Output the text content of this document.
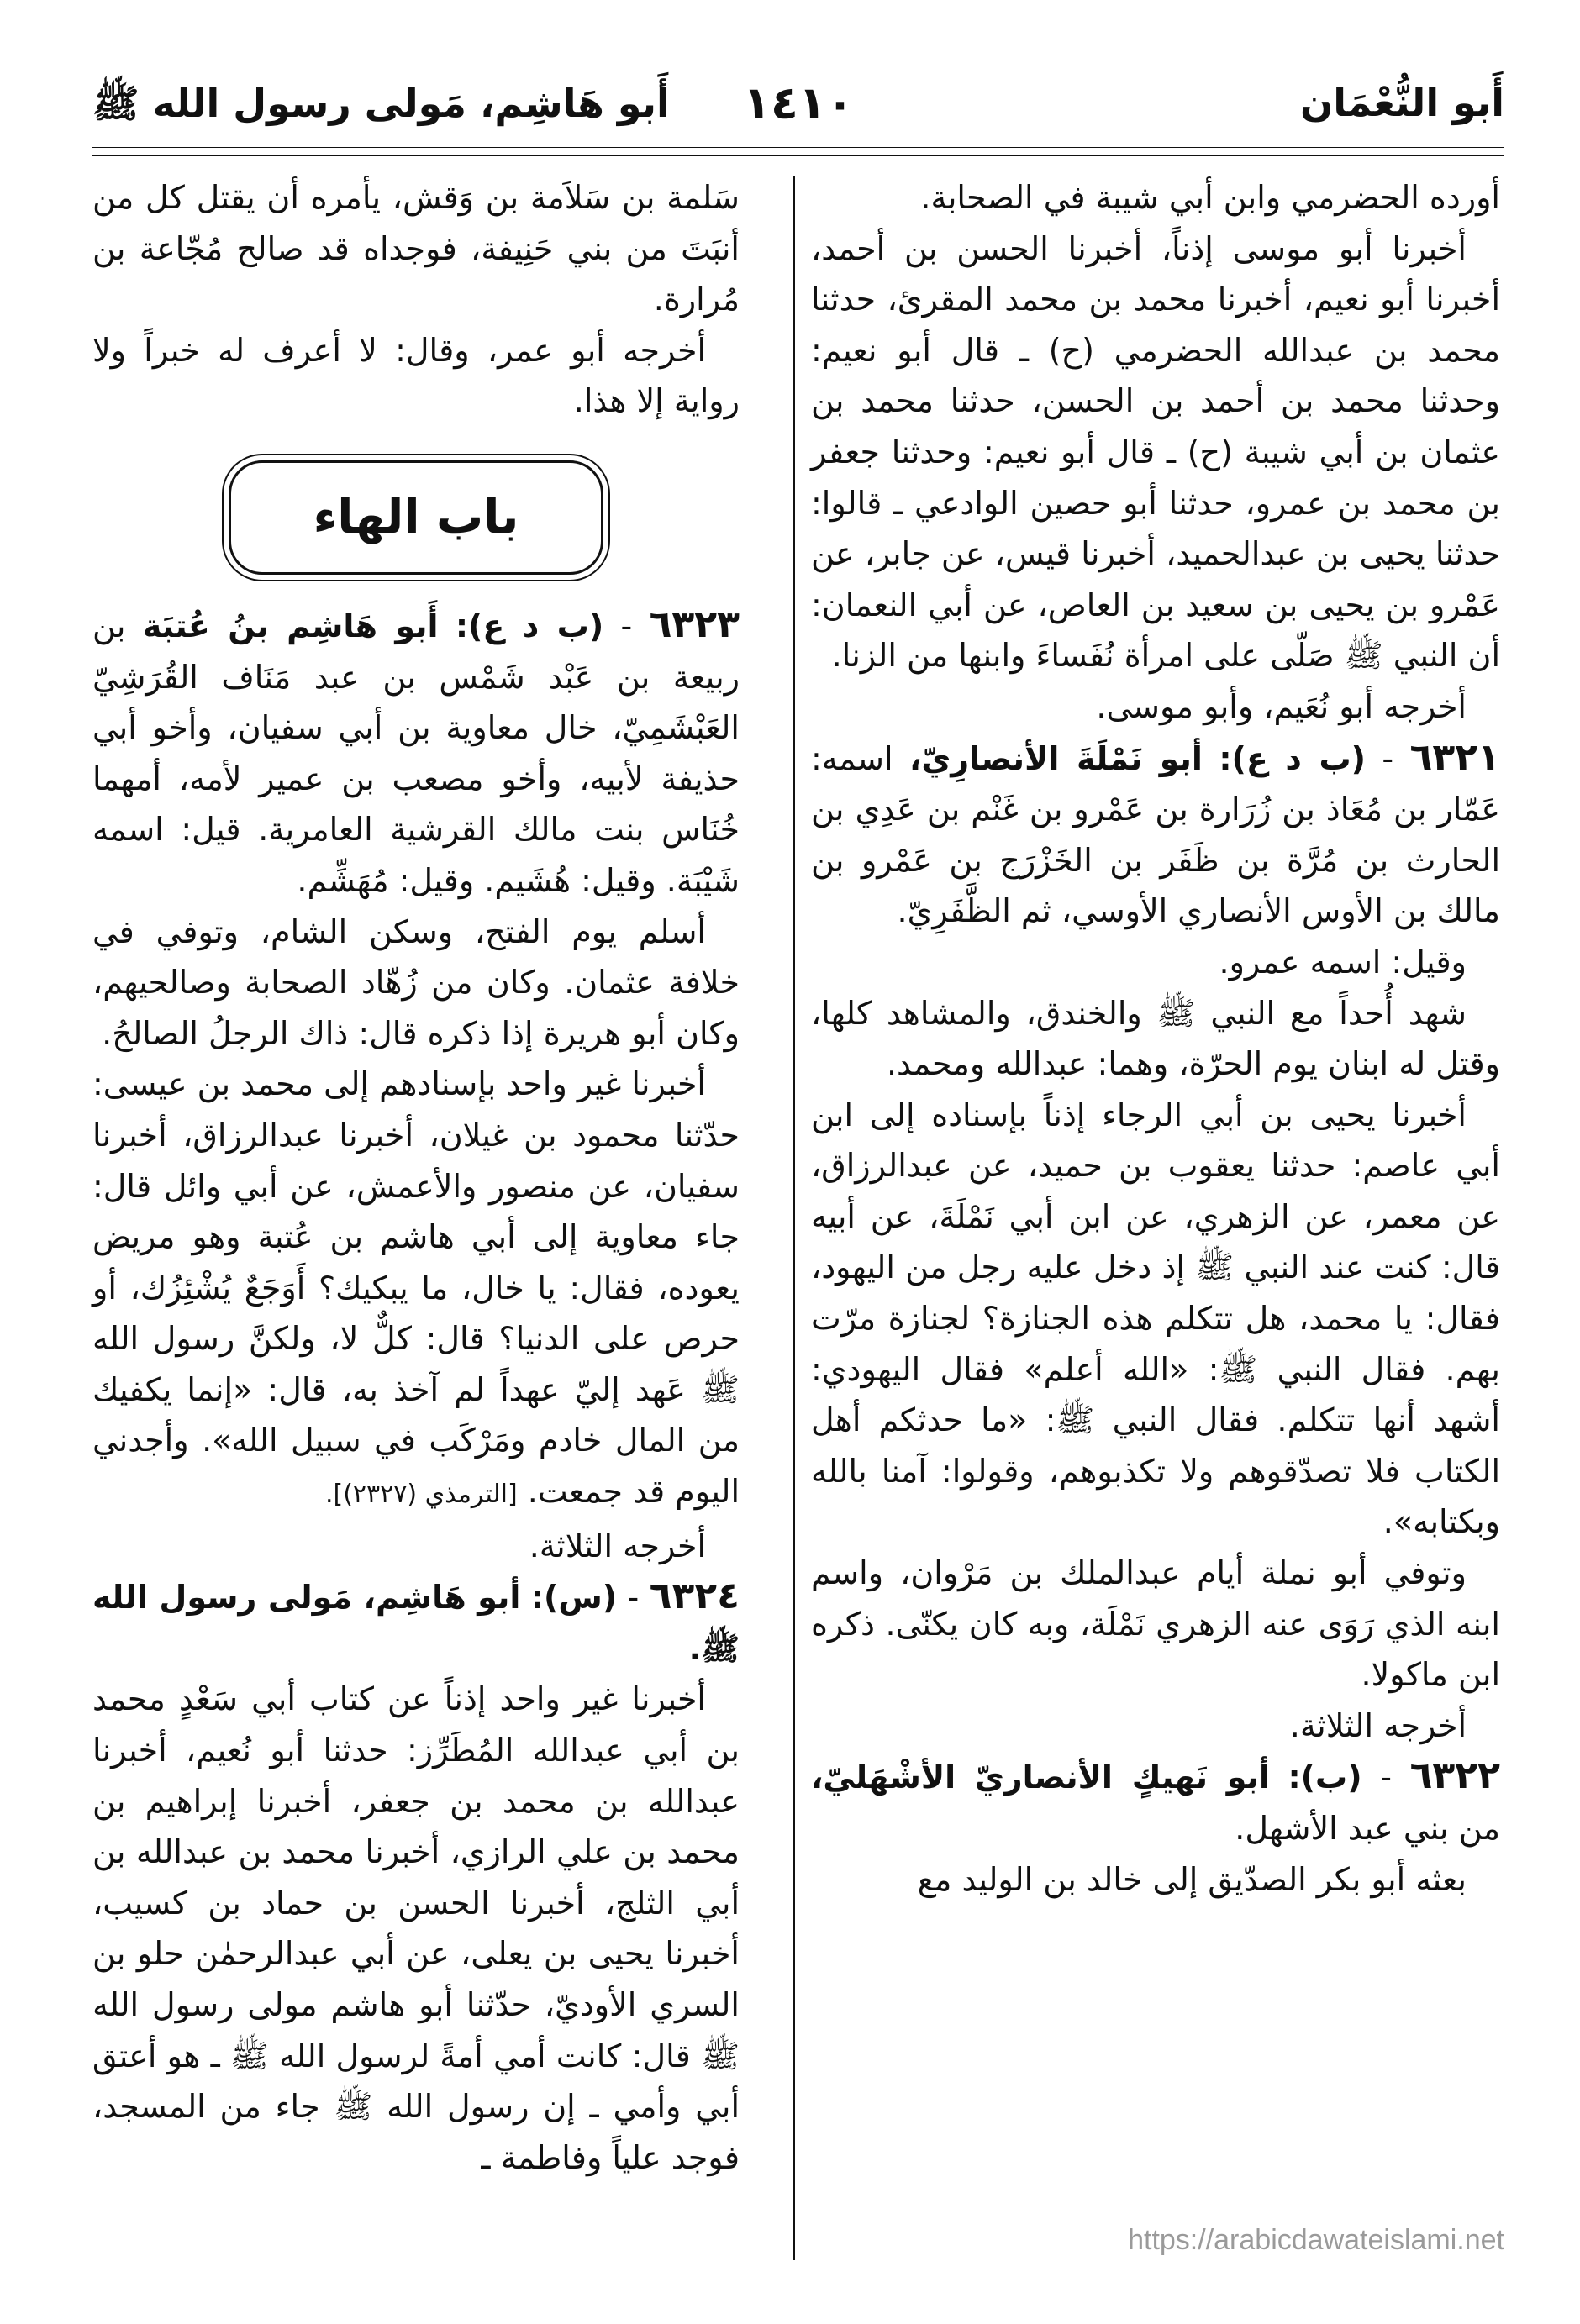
أَبو هَاشِم، مَولى رسول الله ﷺ ١٤١٠	أَبو النُّعْمَان

أورده الحضرمي وابن أبي شيبة في الصحابة.

أخبرنا أبو موسى إذناً، أخبرنا الحسن بن أحمد، أخبرنا أبو نعيم، أخبرنا محمد بن محمد المقرئ، حدثنا محمد بن عبدالله الحضرمي (ح) ـ قال أبو نعيم: وحدثنا محمد بن أحمد بن الحسن، حدثنا محمد بن عثمان بن أبي شيبة (ح) ـ قال أبو نعيم: وحدثنا جعفر بن محمد بن عمرو، حدثنا أبو حصين الوادعي ـ قالوا: حدثنا يحيى بن عبدالحميد، أخبرنا قيس، عن جابر، عن عَمْرو بن يحيى بن سعيد بن العاص، عن أبي النعمان: أن النبي ﷺ صَلّى على امرأة نُفَساءَ وابنها من الزنا.

أخرجه أبو نُعَيم، وأبو موسى.

٦٣٢١ - (ب د ع): أبو نَمْلَةَ الأنصارِيّ، اسمه: عَمّار بن مُعَاذ بن زُرَارة بن عَمْرو بن غَنْم بن عَدِي بن الحارث بن مُرَّة بن ظَفَر بن الخَزْرَج بن عَمْرو بن مالك بن الأوس الأنصاري الأوسي، ثم الظَّفَرِيّ.

وقيل: اسمه عمرو.

شهد أُحداً مع النبي ﷺ والخندق، والمشاهد كلها، وقتل له ابنان يوم الحرّة، وهما: عبدالله ومحمد.

أخبرنا يحيى بن أبي الرجاء إذناً بإسناده إلى ابن أبي عاصم: حدثنا يعقوب بن حميد، عن عبدالرزاق، عن معمر، عن الزهري، عن ابن أبي نَمْلَةَ، عن أبيه قال: كنت عند النبي ﷺ إذ دخل عليه رجل من اليهود، فقال: يا محمد، هل تتكلم هذه الجنازة؟ لجنازة مرّت بهم. فقال النبي ﷺ: «الله أعلم» فقال اليهودي: أشهد أنها تتكلم. فقال النبي ﷺ: «ما حدثكم أهل الكتاب فلا تصدّقوهم ولا تكذبوهم، وقولوا: آمنا بالله وبكتابه».

وتوفي أبو نملة أيام عبدالملك بن مَرْوان، واسم ابنه الذي رَوَى عنه الزهري نَمْلَة، وبه كان يكنّى. ذكره ابن ماكولا.

أخرجه الثلاثة.

٦٣٢٢ - (ب): أبو نَهيكٍ الأنصاريّ الأشْهَليّ، من بني عبد الأشهل.

بعثه أبو بكر الصدّيق إلى خالد بن الوليد مع

سَلمة بن سَلاَمة بن وَقش، يأمره أن يقتل كل من أنبَتَ من بني حَنِيفة، فوجداه قد صالح مُجّاعة بن مُرارة.

أخرجه أبو عمر، وقال: لا أعرف له خبراً ولا رواية إلا هذا.

باب الهاء

٦٣٢٣ - (ب د ع): أَبو هَاشِم بنُ عُتبَة بن ربيعة بن عَبْد شَمْس بن عبد مَنَاف القُرَشِيّ العَبْشَمِيّ، خال معاوية بن أبي سفيان، وأخو أبي حذيفة لأبيه، وأخو مصعب بن عمير لأمه، أمهما خُنَاس بنت مالك القرشية العامرية. قيل: اسمه شَيْبَة. وقيل: هُشَيم. وقيل: مُهَشِّم.

أسلم يوم الفتح، وسكن الشام، وتوفي في خلافة عثمان. وكان من زُهّاد الصحابة وصالحيهم، وكان أبو هريرة إذا ذكره قال: ذاك الرجلُ الصالحُ.

أخبرنا غير واحد بإسنادهم إلى محمد بن عيسى: حدّثنا محمود بن غيلان، أخبرنا عبدالرزاق، أخبرنا سفيان، عن منصور والأعمش، عن أبي وائل قال: جاء معاوية إلى أبي هاشم بن عُتبة وهو مريض يعوده، فقال: يا خال، ما يبكيك؟ أَوَجَعٌ يُشْئِزُك، أو حرص على الدنيا؟ قال: كلٌّ لا، ولكنَّ رسول الله ﷺ عَهد إليّ عهداً لم آخذ به، قال: «إنما يكفيك من المال خادم ومَرْكَب في سبيل الله». وأجدني اليوم قد جمعت. [الترمذي (٢٣٢٧)].

أخرجه الثلاثة.

٦٣٢٤ - (س): أبو هَاشِم، مَولى رسول الله ﷺ.

أخبرنا غير واحد إذناً عن كتاب أبي سَعْدٍ محمد بن أبي عبدالله المُطَرِّز: حدثنا أبو نُعيم، أخبرنا عبدالله بن محمد بن جعفر، أخبرنا إبراهيم بن محمد بن علي الرازي، أخبرنا محمد بن عبدالله بن أبي الثلج، أخبرنا الحسن بن حماد بن كسيب، أخبرنا يحيى بن يعلى، عن أبي عبدالرحمٰن حلو بن السري الأوديّ، حدّثنا أبو هاشم مولى رسول الله ﷺ قال: كانت أمي أمةً لرسول الله ﷺ ـ هو أعتق أبي وأمي ـ إن رسول الله ﷺ جاء من المسجد، فوجد علياً وفاطمة ـ

https://arabicdawateislami.net
